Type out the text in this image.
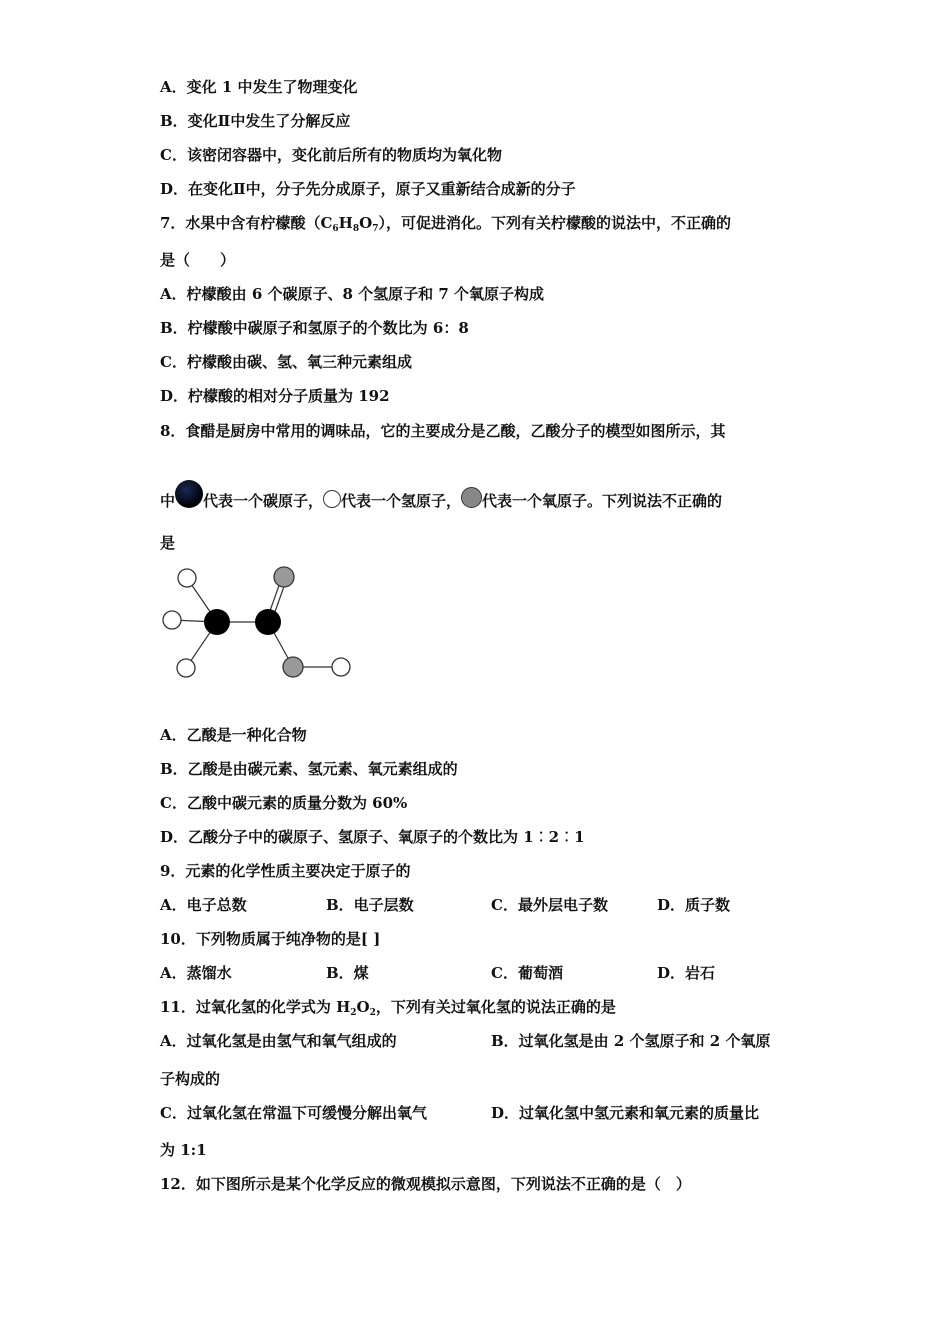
A．变化 1 中发生了物理变化
B．变化Ⅱ中发生了分解反应
C．该密闭容器中，变化前后所有的物质均为氧化物
D．在变化Ⅱ中，分子先分成原子，原子又重新结合成新的分子
7．水果中含有柠檬酸$(C_6H_8O_7)$，可促进消化。下列有关柠檬酸的说法中，不正确的
是（　　）
A．柠檬酸由 6 个碳原子、8 个氢原子和 7 个氧原子构成
B．柠檬酸中碳原子和氢原子的个数比为 6：8
C．柠檬酸由碳、氢、氧三种元素组成
D．柠檬酸的相对分子质量为 192
8．食醋是厨房中常用的调味品，它的主要成分是乙酸，乙酸分子的模型如图所示，其
中 代表一个碳原子， 代表一个氢原子， 代表一个氧原子。下列说法不正确的
是
A．乙酸是一种化合物
B．乙酸是由碳元素、氢元素、氧元素组成的
C．乙酸中碳元素的质量分数为 60%
D．乙酸分子中的碳原子、氢原子、氧原子的个数比为 1︰2︰1
9．元素的化学性质主要决定于原子的
A．电子总数	B．电子层数	C．最外层电子数	D．质子数
10．下列物质属于纯净物的是[ ]
A．蒸馏水	B．煤	C．葡萄酒	D．岩石
11．过氧化氢的化学式为 $H_2O_2$，下列有关过氧化氢的说法正确的是
A．过氧化氢是由氢气和氧气组成的	B．过氧化氢是由 2 个氢原子和 2 个氧原
子构成的
C．过氧化氢在常温下可缓慢分解出氧气	D．过氧化氢中氢元素和氧元素的质量比
为 1:1
12．如下图所示是某个化学反应的微观模拟示意图，下列说法不正确的是（　）
